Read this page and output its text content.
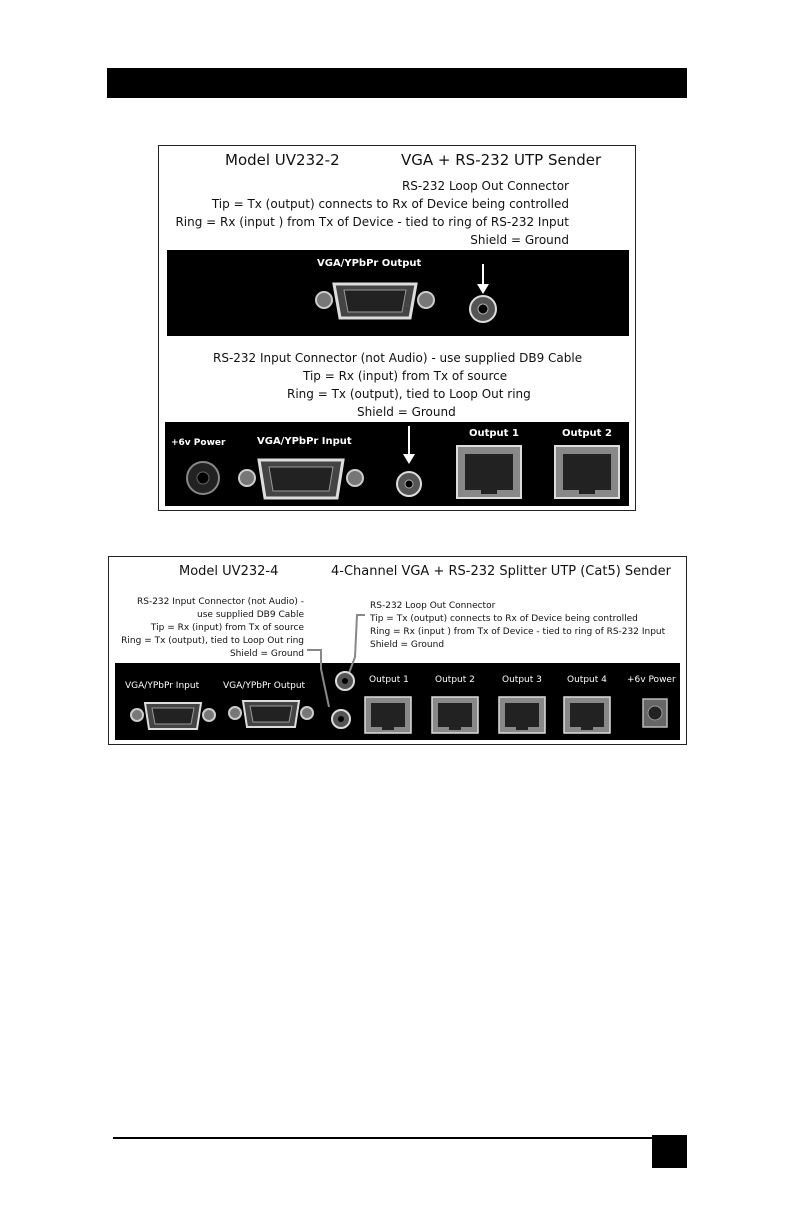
Model UV232-2	VGA + RS-232 UTP Sender
RS-232 Loop Out Connector
Tip = Tx (output) connects to Rx of Device being controlled
Ring = Rx (input ) from Tx of Device - tied to ring of RS-232 Input
Shield = Ground
VGA/YPbPr Output
RS-232 Input Connector (not Audio) - use supplied DB9 Cable
Tip = Rx (input) from Tx of source
Ring = Tx (output), tied to Loop Out ring
Shield = Ground
+6v Power	VGA/YPbPr Input
Output 1	Output 2
Model UV232-4	4-Channel VGA + RS-232 Splitter UTP (Cat5) Sender
RS-232 Input Connector (not Audio) -
use supplied DB9 Cable
Tip = Rx (input) from Tx of source
Ring = Tx (output), tied to Loop Out ring
Shield = Ground
RS-232 Loop Out Connector
Tip = Tx (output) connects to Rx of Device being controlled
Ring = Rx (input ) from Tx of Device - tied to ring of RS-232 Input
Shield = Ground
VGA/YPbPr Input	VGA/YPbPr Output
Output 1	Output 2	Output 3	Output 4 +6v Power
